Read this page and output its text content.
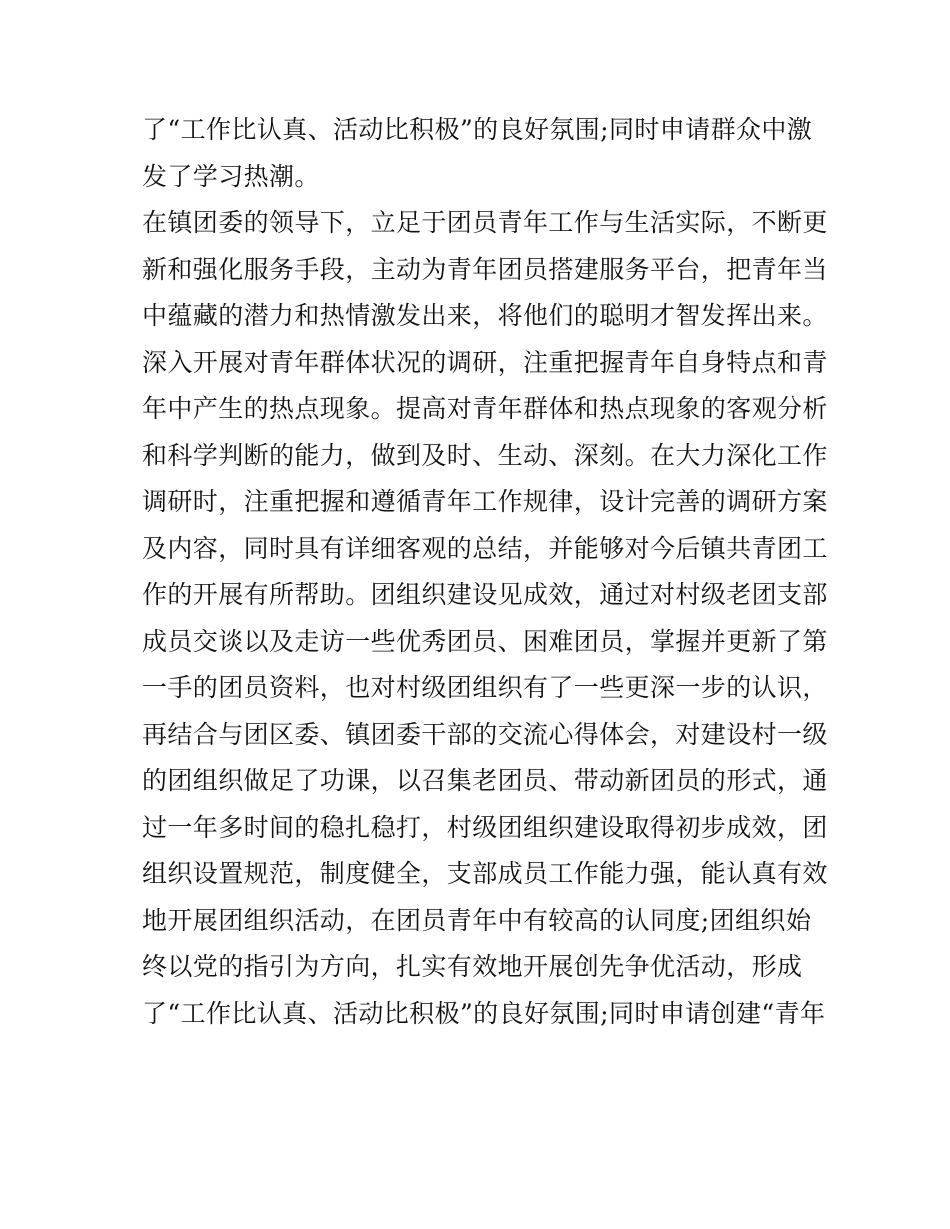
了“工作比认真、活动比积极”的良好氛围;同时申请群众中激
发了学习热潮。
在镇团委的领导下，立足于团员青年工作与生活实际，不断更
新和强化服务手段，主动为青年团员搭建服务平台，把青年当
中蕴藏的潜力和热情激发出来，将他们的聪明才智发挥出来。
深入开展对青年群体状况的调研，注重把握青年自身特点和青
年中产生的热点现象。提高对青年群体和热点现象的客观分析
和科学判断的能力，做到及时、生动、深刻。在大力深化工作
调研时，注重把握和遵循青年工作规律，设计完善的调研方案
及内容，同时具有详细客观的总结，并能够对今后镇共青团工
作的开展有所帮助。团组织建设见成效，通过对村级老团支部
成员交谈以及走访一些优秀团员、困难团员，掌握并更新了第
一手的团员资料，也对村级团组织有了一些更深一步的认识，
再结合与团区委、镇团委干部的交流心得体会，对建设村一级
的团组织做足了功课，以召集老团员、带动新团员的形式，通
过一年多时间的稳扎稳打，村级团组织建设取得初步成效，团
组织设置规范，制度健全，支部成员工作能力强，能认真有效
地开展团组织活动，在团员青年中有较高的认同度;团组织始
终以党的指引为方向，扎实有效地开展创先争优活动，形成
了“工作比认真、活动比积极”的良好氛围;同时申请创建“青年
